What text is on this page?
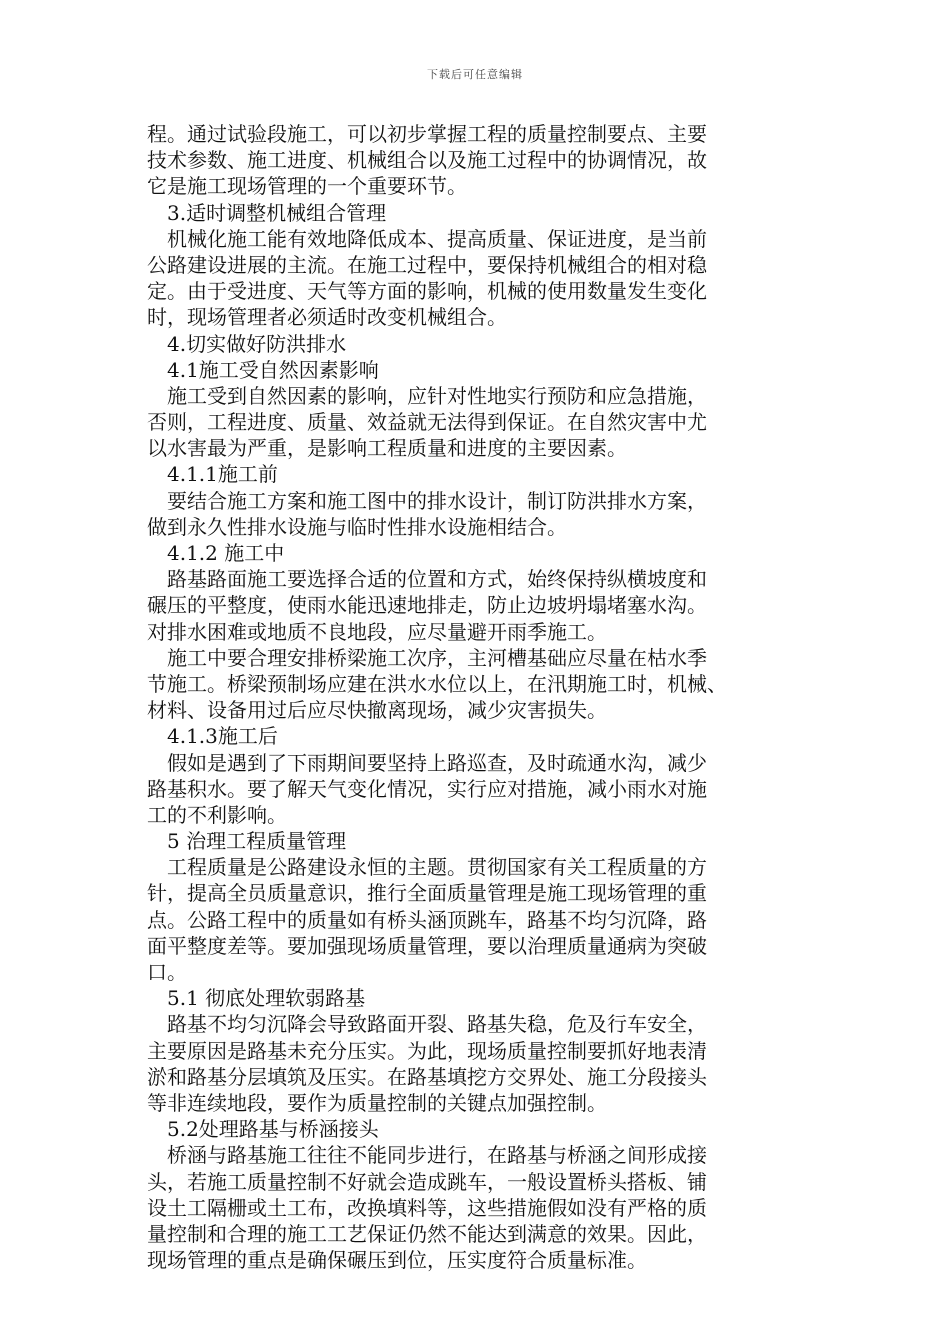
下载后可任意编辑
程。通过试验段施工，可以初步掌握工程的质量控制要点、主要
技术参数、施工进度、机械组合以及施工过程中的协调情况，故
它是施工现场管理的一个重要环节。
3.适时调整机械组合管理
机械化施工能有效地降低成本、提高质量、保证进度，是当前
公路建设进展的主流。在施工过程中，要保持机械组合的相对稳
定。由于受进度、天气等方面的影响，机械的使用数量发生变化
时，现场管理者必须适时改变机械组合。
4.切实做好防洪排水
4.1施工受自然因素影响
施工受到自然因素的影响，应针对性地实行预防和应急措施，
否则，工程进度、质量、效益就无法得到保证。在自然灾害中尤
以水害最为严重，是影响工程质量和进度的主要因素。
4.1.1施工前
要结合施工方案和施工图中的排水设计，制订防洪排水方案，
做到永久性排水设施与临时性排水设施相结合。
4.1.2 施工中
路基路面施工要选择合适的位置和方式，始终保持纵横坡度和
碾压的平整度，使雨水能迅速地排走，防止边坡坍塌堵塞水沟。
对排水困难或地质不良地段，应尽量避开雨季施工。
施工中要合理安排桥梁施工次序，主河槽基础应尽量在枯水季
节施工。桥梁预制场应建在洪水水位以上，在汛期施工时，机械、
材料、设备用过后应尽快撤离现场，减少灾害损失。
4.1.3施工后
假如是遇到了下雨期间要坚持上路巡查，及时疏通水沟，减少
路基积水。要了解天气变化情况，实行应对措施，减小雨水对施
工的不利影响。
5 治理工程质量管理
工程质量是公路建设永恒的主题。贯彻国家有关工程质量的方
针，提高全员质量意识，推行全面质量管理是施工现场管理的重
点。公路工程中的质量如有桥头涵顶跳车，路基不均匀沉降，路
面平整度差等。要加强现场质量管理，要以治理质量通病为突破
口。
5.1 彻底处理软弱路基
路基不均匀沉降会导致路面开裂、路基失稳，危及行车安全，
主要原因是路基未充分压实。为此，现场质量控制要抓好地表清
淤和路基分层填筑及压实。在路基填挖方交界处、施工分段接头
等非连续地段，要作为质量控制的关键点加强控制。
5.2处理路基与桥涵接头
桥涵与路基施工往往不能同步进行，在路基与桥涵之间形成接
头，若施工质量控制不好就会造成跳车，一般设置桥头搭板、铺
设土工隔栅或土工布，改换填料等，这些措施假如没有严格的质
量控制和合理的施工工艺保证仍然不能达到满意的效果。因此，
现场管理的重点是确保碾压到位，压实度符合质量标准。
